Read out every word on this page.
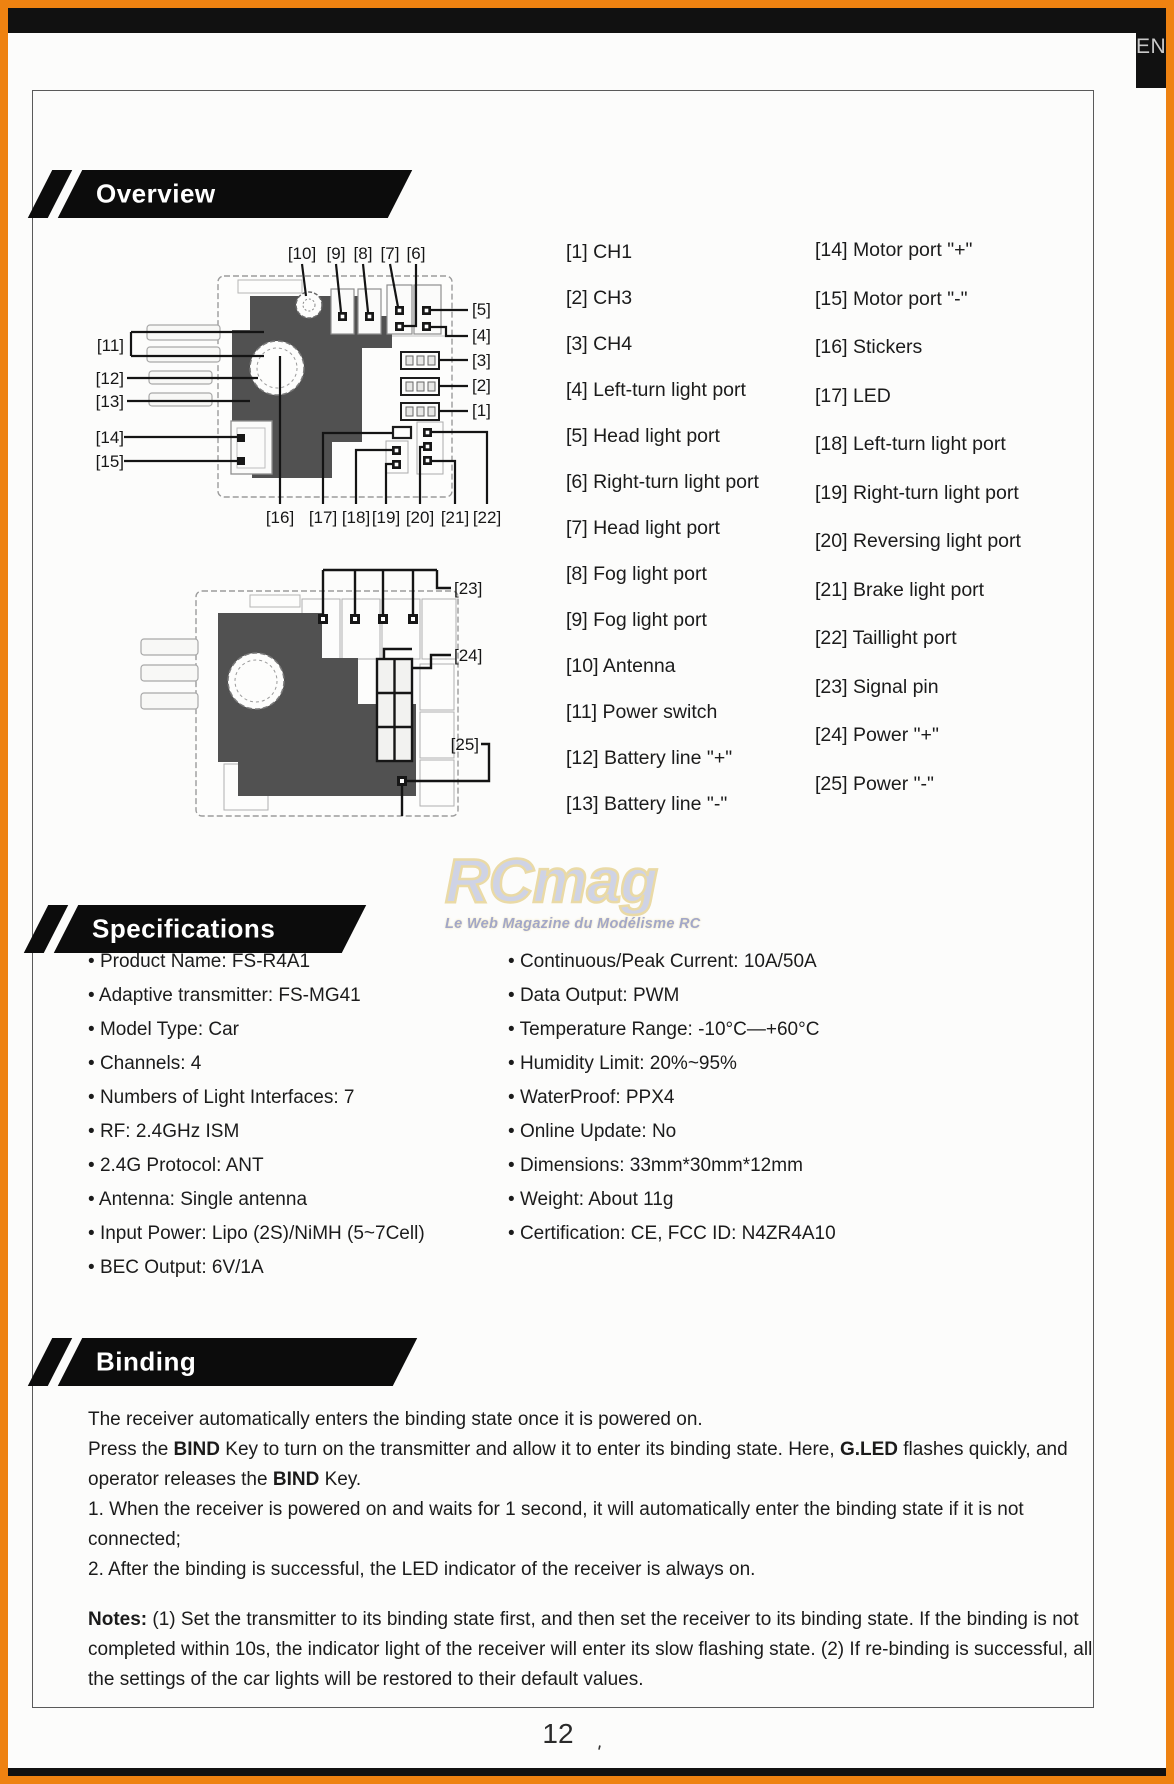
EN
Overview
[10] [9] [8] [7] [6]
[5]
[4]
[3]
[2]
[1]
[11]
[12]
[13]
[14]
[15]
[16] [17] [18] [19] [20] [21] [22]
[23]
[24]
[25]
[1] CH1
[2] CH3
[3] CH4
[4] Left-turn light port
[5] Head light port
[6] Right-turn light port
[7] Head light port
[8] Fog light port
[9] Fog light port
[10] Antenna
[11] Power switch
[12] Battery line "+"
[13] Battery line "-"
[14] Motor port "+"
[15] Motor port "-"
[16] Stickers
[17] LED
[18] Left-turn light port
[19] Right-turn light port
[20] Reversing light port
[21] Brake light port
[22] Taillight port
[23] Signal pin
[24] Power "+"
[25] Power "-"
RCmag
Le Web Magazine du Modélisme RC
Specifications
• Product Name: FS-R4A1
• Adaptive transmitter: FS-MG41
• Model Type: Car
• Channels: 4
• Numbers of Light Interfaces: 7
• RF: 2.4GHz ISM
• 2.4G Protocol: ANT
• Antenna: Single antenna
• Input Power: Lipo (2S)/NiMH (5~7Cell)
• BEC Output: 6V/1A
• Continuous/Peak Current: 10A/50A
• Data Output: PWM
• Temperature Range: -10°C—+60°C
• Humidity Limit: 20%~95%
• WaterProof: PPX4
• Online Update: No
• Dimensions: 33mm*30mm*12mm
• Weight: About 11g
• Certification: CE, FCC ID: N4ZR4A10
Binding

The receiver automatically enters the binding state once it is powered on.

Press the BIND Key to turn on the transmitter and allow it to enter its binding state. Here, G.LED flashes quickly, and operator releases the BIND Key.

1. When the receiver is powered on and waits for 1 second, it will automatically enter the binding state if it is not connected;

2. After the binding is successful, the LED indicator of the receiver is always on.

Notes: (1) Set the transmitter to its binding state first, and then set the receiver to its binding state. If the binding is not completed within 10s, the indicator light of the receiver will enter its slow flashing state. (2) If re-binding is successful, all the settings of the car lights will be restored to their default values.

12
'
